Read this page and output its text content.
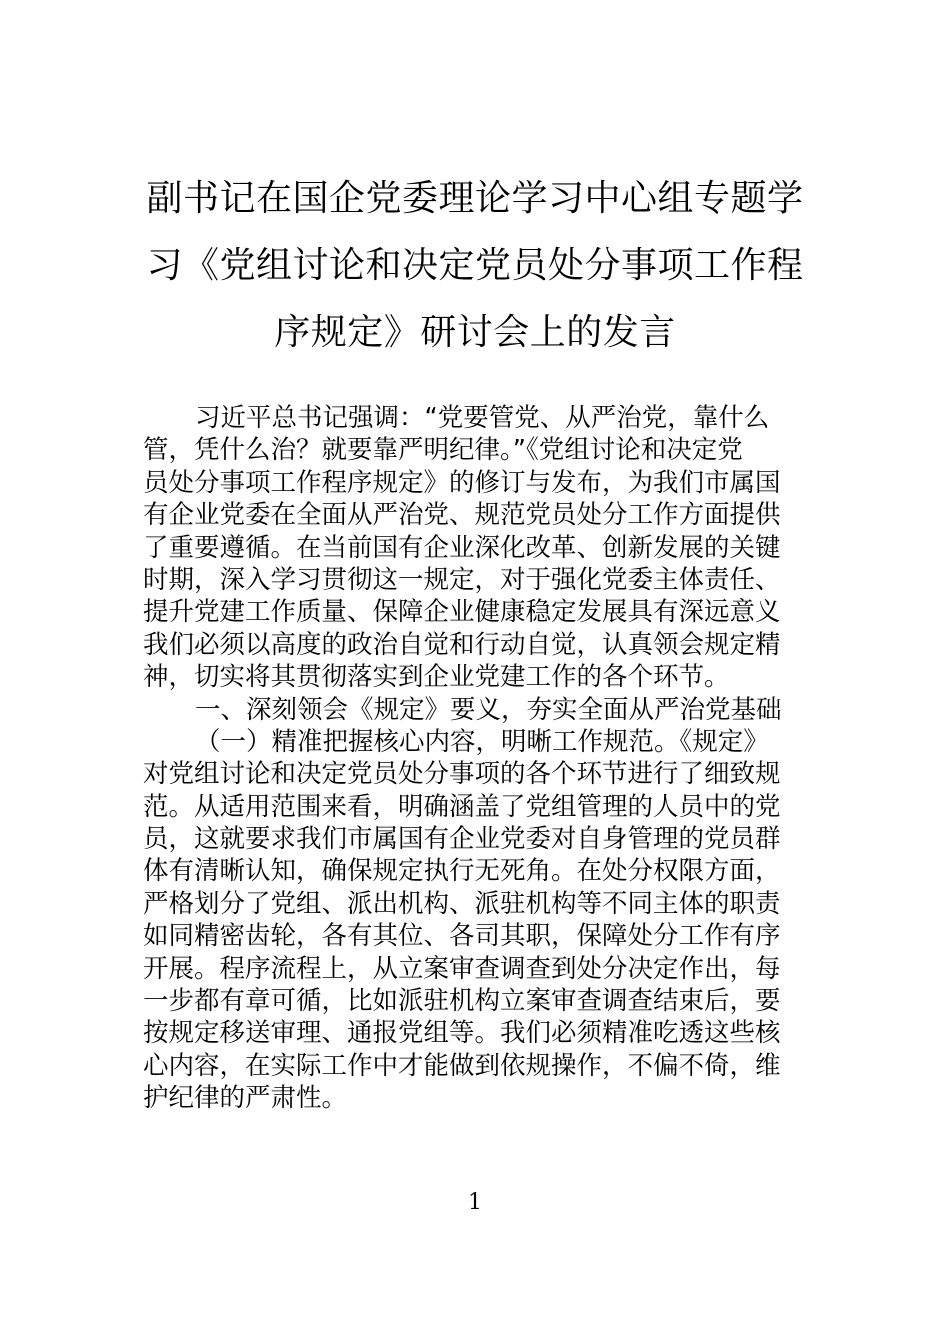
副书记在国企党委理论学习中心组专题学
习《党组讨论和决定党员处分事项工作程
序规定》研讨会上的发言
习近平总书记强调：“党要管党、从严治党，靠什么
管，凭什么治？就要靠严明纪律。”《党组讨论和决定党
员处分事项工作程序规定》的修订与发布，为我们市属国
有企业党委在全面从严治党、规范党员处分工作方面提供
了重要遵循。在当前国有企业深化改革、创新发展的关键
时期，深入学习贯彻这一规定，对于强化党委主体责任、
提升党建工作质量、保障企业健康稳定发展具有深远意义
我们必须以高度的政治自觉和行动自觉，认真领会规定精
神，切实将其贯彻落实到企业党建工作的各个环节。
一、深刻领会《规定》要义，夯实全面从严治党基础
（一）精准把握核心内容，明晰工作规范。《规定》
对党组讨论和决定党员处分事项的各个环节进行了细致规
范。从适用范围来看，明确涵盖了党组管理的人员中的党
员，这就要求我们市属国有企业党委对自身管理的党员群
体有清晰认知，确保规定执行无死角。在处分权限方面，
严格划分了党组、派出机构、派驻机构等不同主体的职责
如同精密齿轮，各有其位、各司其职，保障处分工作有序
开展。程序流程上，从立案审查调查到处分决定作出，每
一步都有章可循，比如派驻机构立案审查调查结束后，要
按规定移送审理、通报党组等。我们必须精准吃透这些核
心内容，在实际工作中才能做到依规操作，不偏不倚，维
护纪律的严肃性。
1
